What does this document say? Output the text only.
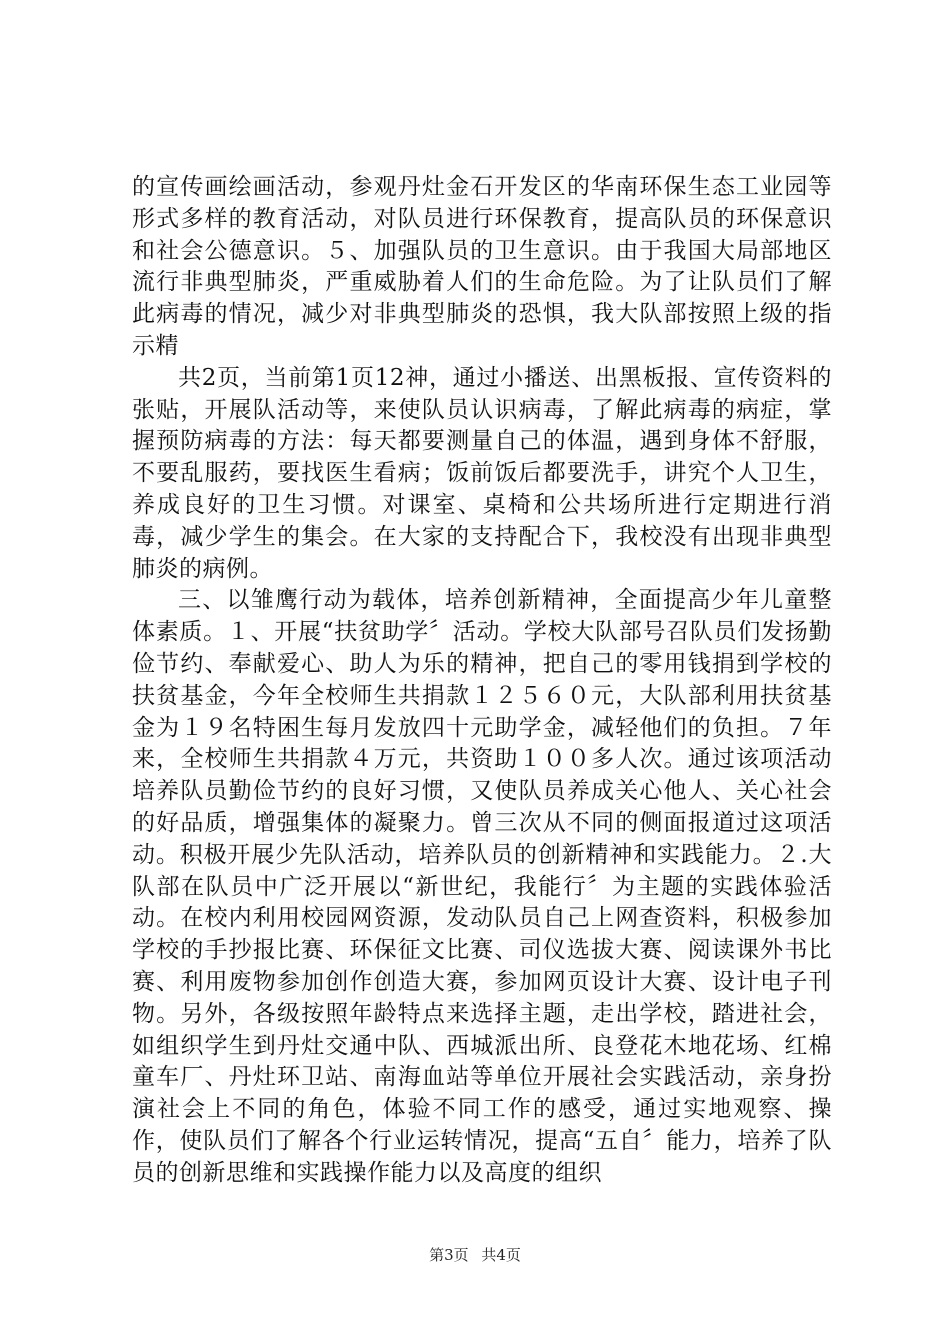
的宣传画绘画活动，参观丹灶金石开发区的华南环保生态工业园等形式多样的教育活动，对队员进行环保教育，提高队员的环保意识和社会公德意识。５、加强队员的卫生意识。由于我国大局部地区流行非典型肺炎，严重威胁着人们的生命危险。为了让队员们了解此病毒的情况，减少对非典型肺炎的恐惧，我大队部按照上级的指示精

共2页，当前第1页12神，通过小播送、出黑板报、宣传资料的张贴，开展队活动等，来使队员认识病毒，了解此病毒的病症，掌握预防病毒的方法：每天都要测量自己的体温，遇到身体不舒服，不要乱服药，要找医生看病；饭前饭后都要洗手，讲究个人卫生，养成良好的卫生习惯。对课室、桌椅和公共场所进行定期进行消毒，减少学生的集会。在大家的支持配合下，我校没有出现非典型肺炎的病例。

三、以雏鹰行动为载体，培养创新精神，全面提高少年儿童整体素质。１、开展“扶贫助学〞活动。学校大队部号召队员们发扬勤俭节约、奉献爱心、助人为乐的精神，把自己的零用钱捐到学校的扶贫基金，今年全校师生共捐款１２５６０元，大队部利用扶贫基金为１９名特困生每月发放四十元助学金，减轻他们的负担。７年来，全校师生共捐款４万元，共资助１００多人次。通过该项活动培养队员勤俭节约的良好习惯，又使队员养成关心他人、关心社会的好品质，增强集体的凝聚力。曾三次从不同的侧面报道过这项活动。积极开展少先队活动，培养队员的创新精神和实践能力。２.大队部在队员中广泛开展以“新世纪，我能行〞为主题的实践体验活动。在校内利用校园网资源，发动队员自己上网查资料，积极参加学校的手抄报比赛、环保征文比赛、司仪选拔大赛、阅读课外书比赛、利用废物参加创作创造大赛，参加网页设计大赛、设计电子刊物。另外，各级按照年龄特点来选择主题，走出学校，踏进社会，如组织学生到丹灶交通中队、西城派出所、良登花木地花场、红棉童车厂、丹灶环卫站、南海血站等单位开展社会实践活动，亲身扮演社会上不同的角色，体验不同工作的感受，通过实地观察、操作，使队员们了解各个行业运转情况，提高“五自〞能力，培养了队员的创新思维和实践操作能力以及高度的组织

第3页 共4页
